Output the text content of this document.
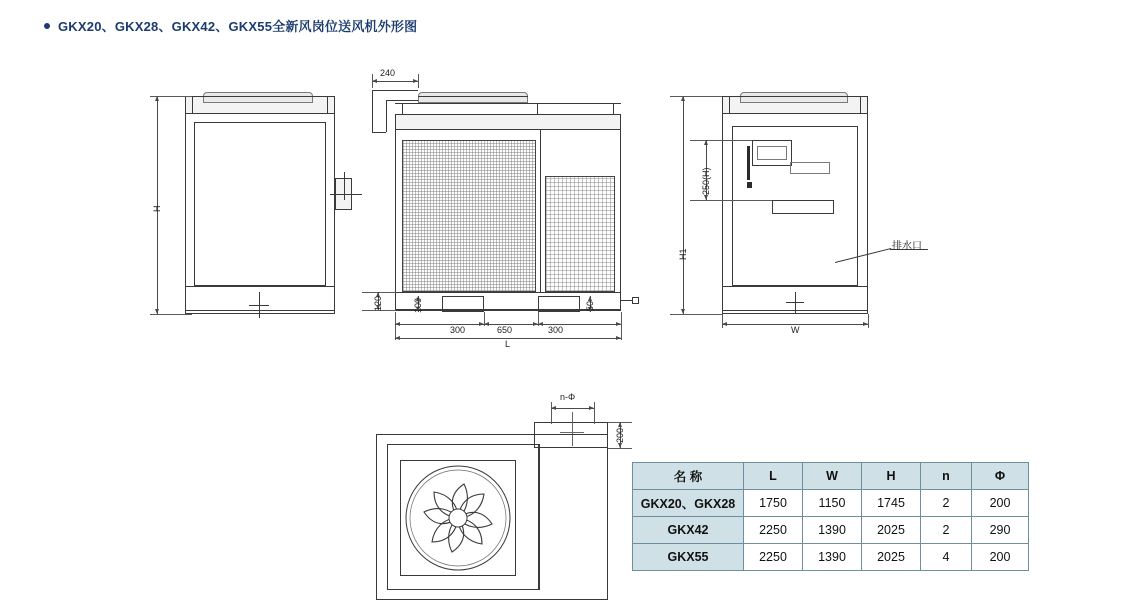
GKX20、GKX28、GKX42、GKX55全新风岗位送风机外形图
H
240
120	100	50
300	650	300
L
250(H)
H1
W
排水口
n-Φ
200
名 称	L	W	H	n	Φ
GKX20、GKX28	1750	1150	1745	2	200
GKX42	2250	1390	2025	2	290
GKX55	2250	1390	2025	4	200
